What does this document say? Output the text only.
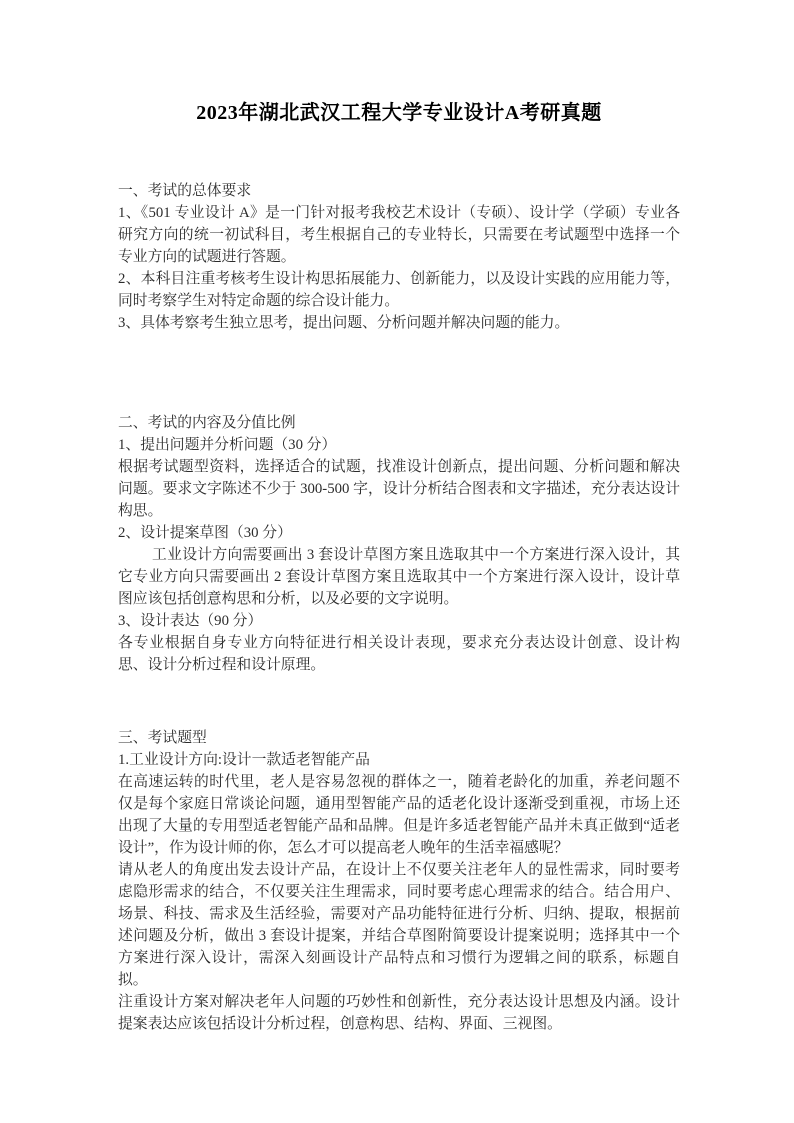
2023年湖北武汉工程大学专业设计A考研真题
一、考试的总体要求

1、《501 专业设计 A》是一门针对报考我校艺术设计（专硕）、设计学（学硕）专业各研究方向的统一初试科目，考生根据自己的专业特长，只需要在考试题型中选择一个专业方向的试题进行答题。

2、本科目注重考核考生设计构思拓展能力、创新能力，以及设计实践的应用能力等，同时考察学生对特定命题的综合设计能力。

3、具体考察考生独立思考，提出问题、分析问题并解决问题的能力。

二、考试的内容及分值比例

1、提出问题并分析问题（30 分）

根据考试题型资料，选择适合的试题，找准设计创新点，提出问题、分析问题和解决问题。要求文字陈述不少于 300-500 字，设计分析结合图表和文字描述，充分表达设计构思。

2、设计提案草图（30 分）

工业设计方向需要画出 3 套设计草图方案且选取其中一个方案进行深入设计，其它专业方向只需要画出 2 套设计草图方案且选取其中一个方案进行深入设计，设计草图应该包括创意构思和分析，以及必要的文字说明。

3、设计表达（90 分）

各专业根据自身专业方向特征进行相关设计表现，要求充分表达设计创意、设计构思、设计分析过程和设计原理。

三、考试题型

1.工业设计方向:设计一款适老智能产品

在高速运转的时代里，老人是容易忽视的群体之一，随着老龄化的加重，养老问题不仅是每个家庭日常谈论问题，通用型智能产品的适老化设计逐渐受到重视，市场上还出现了大量的专用型适老智能产品和品牌。但是许多适老智能产品并未真正做到“适老设计”，作为设计师的你，怎么才可以提高老人晚年的生活幸福感呢？

请从老人的角度出发去设计产品，在设计上不仅要关注老年人的显性需求，同时要考虑隐形需求的结合，不仅要关注生理需求，同时要考虑心理需求的结合。结合用户、场景、科技、需求及生活经验，需要对产品功能特征进行分析、归纳、提取，根据前述问题及分析，做出 3 套设计提案，并结合草图附简要设计提案说明；选择其中一个方案进行深入设计，需深入刻画设计产品特点和习惯行为逻辑之间的联系，标题自拟。

注重设计方案对解决老年人问题的巧妙性和创新性，充分表达设计思想及内涵。设计提案表达应该包括设计分析过程，创意构思、结构、界面、三视图。
